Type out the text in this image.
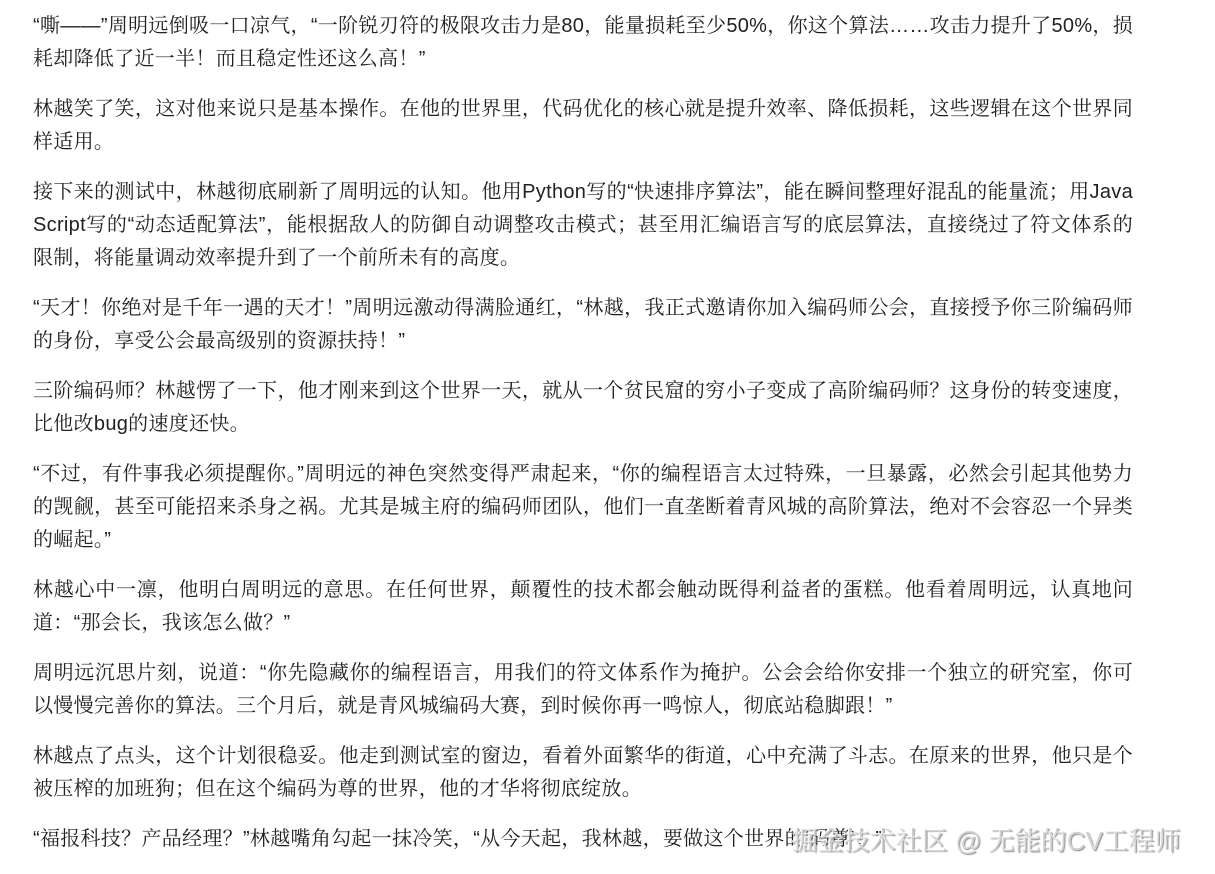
“嘶——”周明远倒吸一口凉气，“一阶锐刃符的极限攻击力是80，能量损耗至少50%，你这个算法……攻击力提升了50%，损耗却降低了近一半！而且稳定性还这么高！”

林越笑了笑，这对他来说只是基本操作。在他的世界里，代码优化的核心就是提升效率、降低损耗，这些逻辑在这个世界同样适用。

接下来的测试中，林越彻底刷新了周明远的认知。他用Python写的“快速排序算法”，能在瞬间整理好混乱的能量流；用JavaScript写的“动态适配算法”，能根据敌人的防御自动调整攻击模式；甚至用汇编语言写的底层算法，直接绕过了符文体系的限制，将能量调动效率提升到了一个前所未有的高度。

“天才！你绝对是千年一遇的天才！”周明远激动得满脸通红，“林越，我正式邀请你加入编码师公会，直接授予你三阶编码师的身份，享受公会最高级别的资源扶持！”

三阶编码师？林越愣了一下，他才刚来到这个世界一天，就从一个贫民窟的穷小子变成了高阶编码师？这身份的转变速度，比他改bug的速度还快。

“不过，有件事我必须提醒你。”周明远的神色突然变得严肃起来，“你的编程语言太过特殊，一旦暴露，必然会引起其他势力的觊觎，甚至可能招来杀身之祸。尤其是城主府的编码师团队，他们一直垄断着青风城的高阶算法，绝对不会容忍一个异类的崛起。”

林越心中一凛，他明白周明远的意思。在任何世界，颠覆性的技术都会触动既得利益者的蛋糕。他看着周明远，认真地问道：“那会长，我该怎么做？”

周明远沉思片刻，说道：“你先隐藏你的编程语言，用我们的符文体系作为掩护。公会会给你安排一个独立的研究室，你可以慢慢完善你的算法。三个月后，就是青风城编码大赛，到时候你再一鸣惊人，彻底站稳脚跟！”

林越点了点头，这个计划很稳妥。他走到测试室的窗边，看着外面繁华的街道，心中充满了斗志。在原来的世界，他只是个被压榨的加班狗；但在这个编码为尊的世界，他的才华将彻底绽放。

“福报科技？产品经理？”林越嘴角勾起一抹冷笑，“从今天起，我林越，要做这个世界的‘码尊’！”

掘金技术社区 @ 无能的CV工程师
